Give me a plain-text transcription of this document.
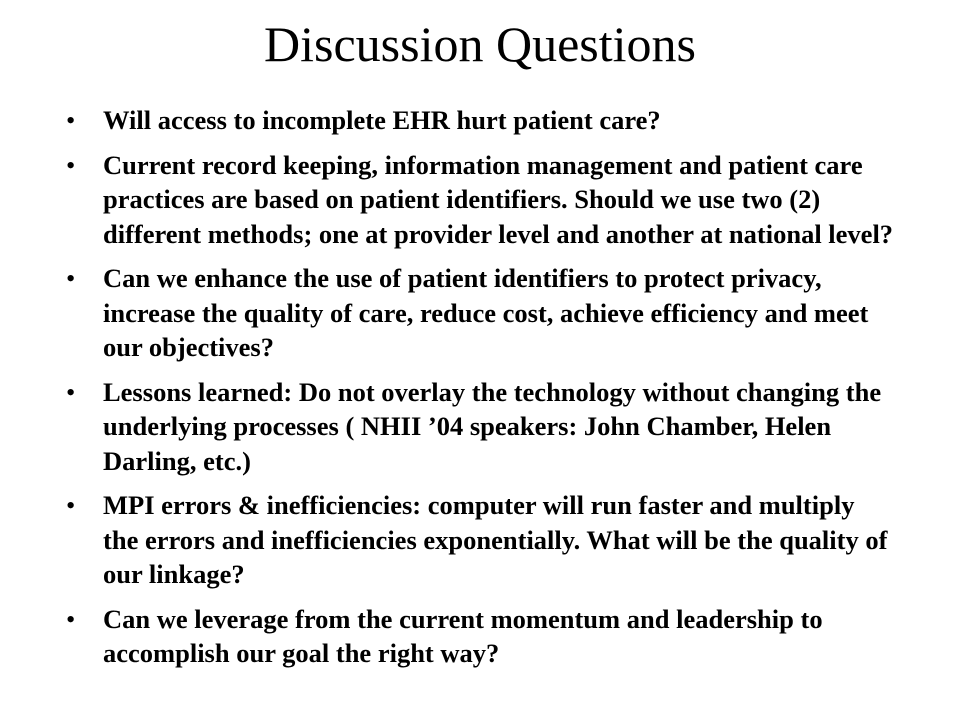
Discussion Questions
• Will access to incomplete EHR hurt patient care?
• Current record keeping, information management and patient care practices are based on patient identifiers. Should we use two (2) different methods; one at provider level and another at national level?
• Can we enhance the use of patient identifiers to protect privacy, increase the quality of care, reduce cost, achieve efficiency and meet our objectives?
• Lessons learned: Do not overlay the technology without changing the underlying processes ( NHII ’04 speakers: John Chamber, Helen Darling, etc.)
• MPI errors & inefficiencies: computer will run faster and multiply the errors and inefficiencies exponentially. What will be the quality of our linkage?
• Can we leverage from the current momentum and leadership to accomplish our goal the right way?
